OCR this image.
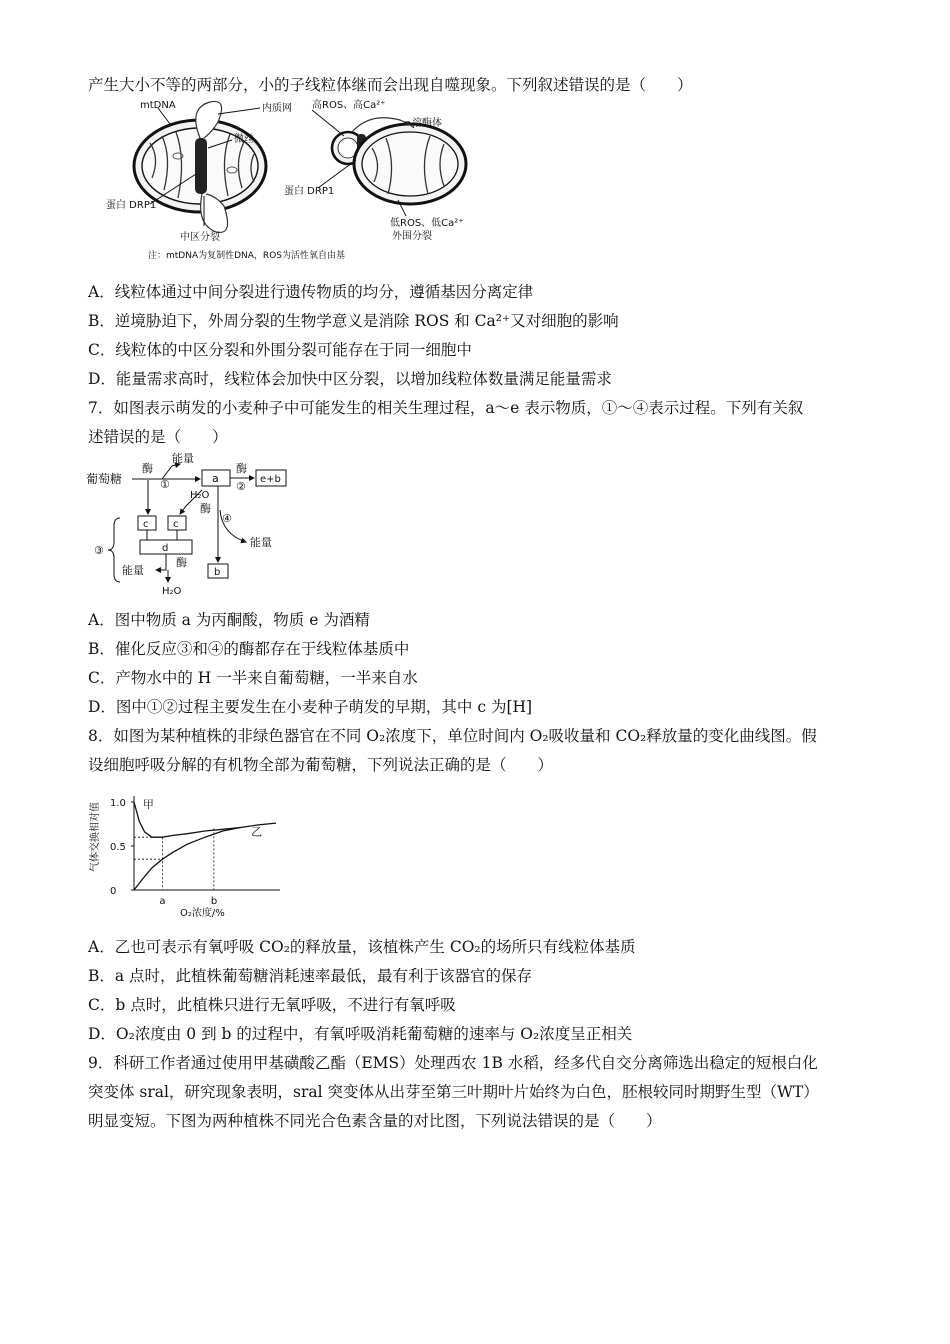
产生大小不等的两部分，小的子线粒体继而会出现自噬现象。下列叙述错误的是（　　）
mtDNA	内质网
微丝
蛋白 DRP1
中区分裂
高ROS、高Ca²⁺
溶酶体
蛋白 DRP1
低ROS、低Ca²⁺
外围分裂
注：mtDNA为复制性DNA，ROS为活性氧自由基
A．线粒体通过中间分裂进行遗传物质的均分，遵循基因分离定律
B．逆境胁迫下，外周分裂的生物学意义是消除 ROS 和 Ca²⁺又对细胞的影响
C．线粒体的中区分裂和外围分裂可能存在于同一细胞中
D．能量需求高时，线粒体会加快中区分裂，以增加线粒体数量满足能量需求
7．如图表示萌发的小麦种子中可能发生的相关生理过程，a～e 表示物质，①～④表示过程。下列有关叙
述错误的是（　　）
葡萄糖
酶
①
能量
a
酶
②
e+b
H₂O
酶
④
能量
b
c c
d
③
能量
酶
H₂O
A．图中物质 a 为丙酮酸，物质 e 为酒精
B．催化反应③和④的酶都存在于线粒体基质中
C．产物水中的 H 一半来自葡萄糖，一半来自水
D．图中①②过程主要发生在小麦种子萌发的早期，其中 c 为[H]
8．如图为某种植株的非绿色器官在不同 O₂浓度下，单位时间内 O₂吸收量和 CO₂释放量的变化曲线图。假
设细胞呼吸分解的有机物全部为葡萄糖，下列说法正确的是（　　）
0
0.5
1.0 甲
乙
a	b
气体交换相对值
O₂浓度/%
A．乙也可表示有氧呼吸 CO₂的释放量，该植株产生 CO₂的场所只有线粒体基质
B．a 点时，此植株葡萄糖消耗速率最低，最有利于该器官的保存
C．b 点时，此植株只进行无氧呼吸，不进行有氧呼吸
D．O₂浓度由 0 到 b 的过程中，有氧呼吸消耗葡萄糖的速率与 O₂浓度呈正相关
9．科研工作者通过使用甲基磺酸乙酯（EMS）处理西农 1B 水稻，经多代自交分离筛选出稳定的短根白化
突变体 sral，研究现象表明，sral 突变体从出芽至第三叶期叶片始终为白色，胚根较同时期野生型（WT）
明显变短。下图为两种植株不同光合色素含量的对比图，下列说法错误的是（　　）
